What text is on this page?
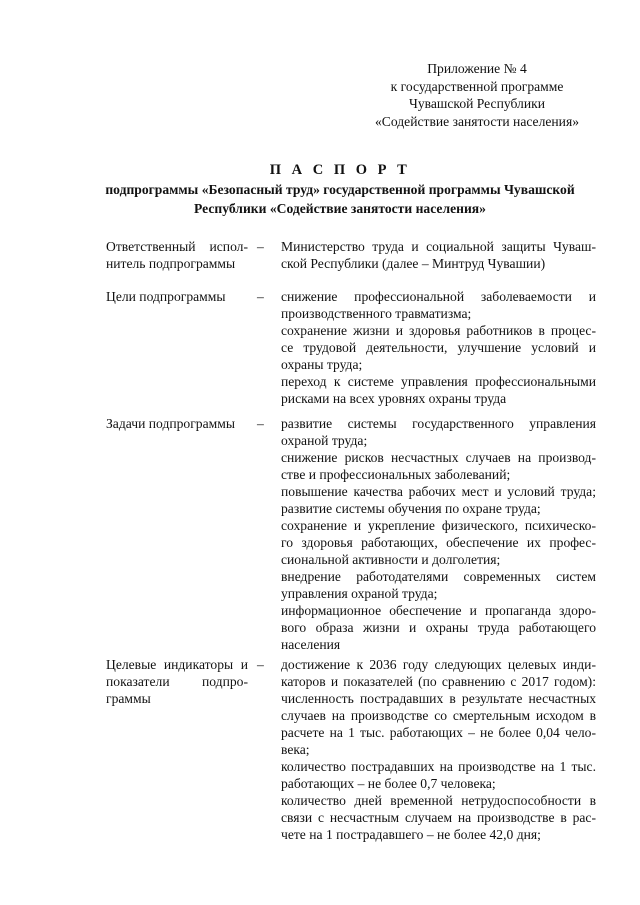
Приложение № 4
к государственной программе
Чувашской Республики
«Содействие занятости населения»
П А С П О Р Т
подпрограммы «Безопасный труд» государственной программы Чувашской
Республики «Содействие занятости населения»
Ответственный испол-
нитель подпрограммы
– Министерство труда и социальной защиты Чуваш-
ской Республики (далее – Минтруд Чувашии)
Цели подпрограммы	– снижение профессиональной заболеваемости и
производственного травматизма;
сохранение жизни и здоровья работников в процес-
се трудовой деятельности, улучшение условий и
охраны труда;
переход к системе управления профессиональными
рисками на всех уровнях охраны труда
Задачи подпрограммы	– развитие системы государственного управления
охраной труда;
снижение рисков несчастных случаев на производ-
стве и профессиональных заболеваний;
повышение качества рабочих мест и условий труда;
развитие системы обучения по охране труда;
сохранение и укрепление физического, психическо-
го здоровья работающих, обеспечение их профес-
сиональной активности и долголетия;
внедрение работодателями современных систем
управления охраной труда;
информационное обеспечение и пропаганда здоро-
вого образа жизни и охраны труда работающего
населения
Целевые индикаторы и
показатели подпро-
граммы
– достижение к 2036 году следующих целевых инди-
каторов и показателей (по сравнению с 2017 годом):
численность пострадавших в результате несчастных
случаев на производстве со смертельным исходом в
расчете на 1 тыс. работающих – не более 0,04 чело-
века;
количество пострадавших на производстве на 1 тыс.
работающих – не более 0,7 человека;
количество дней временной нетрудоспособности в
связи с несчастным случаем на производстве в рас-
чете на 1 пострадавшего – не более 42,0 дня;
